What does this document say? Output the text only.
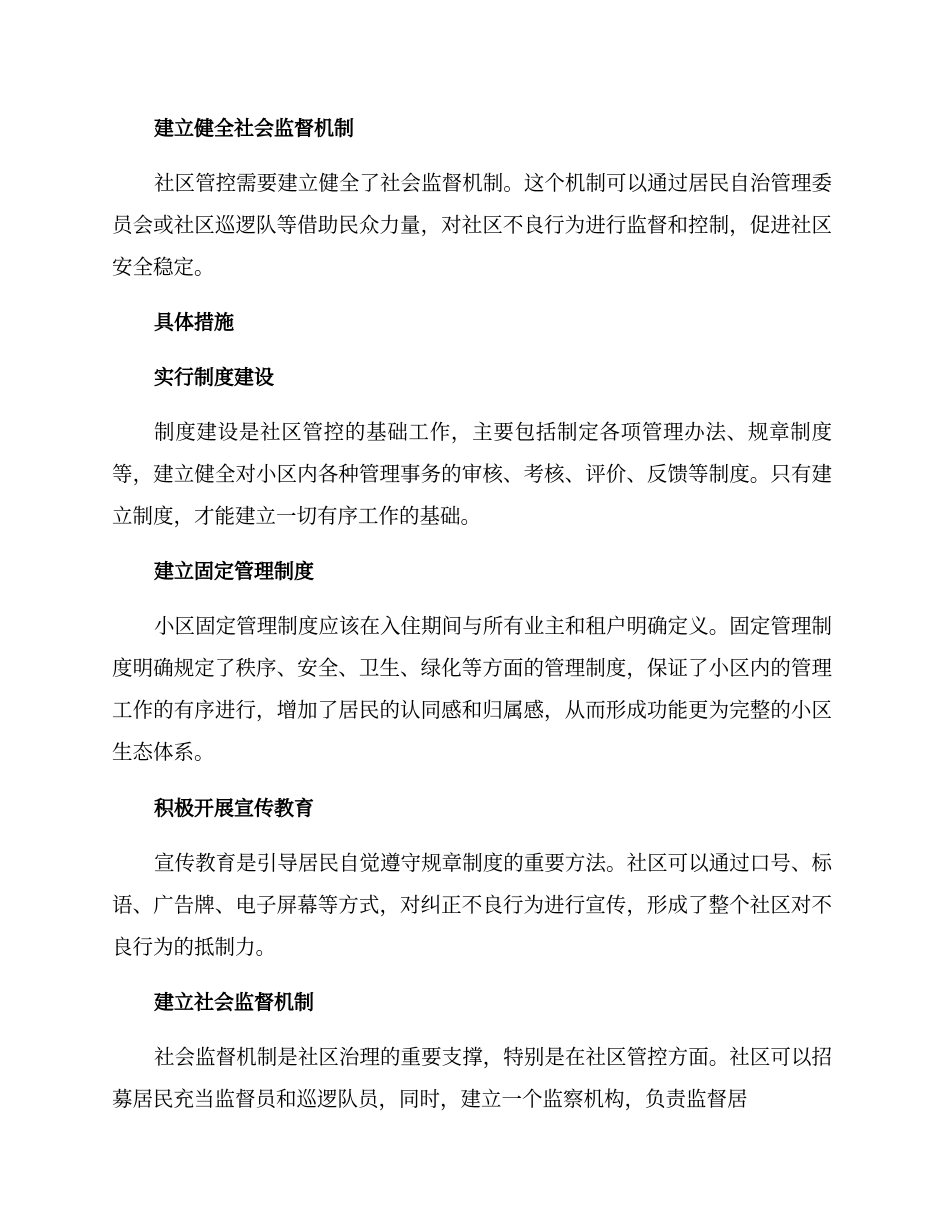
建立健全社会监督机制

社区管控需要建立健全了社会监督机制。这个机制可以通过居民自治管理委员会或社区巡逻队等借助民众力量，对社区不良行为进行监督和控制，促进社区安全稳定。

具体措施
实行制度建设

制度建设是社区管控的基础工作，主要包括制定各项管理办法、规章制度等，建立健全对小区内各种管理事务的审核、考核、评价、反馈等制度。只有建立制度，才能建立一切有序工作的基础。

建立固定管理制度

小区固定管理制度应该在入住期间与所有业主和租户明确定义。固定管理制度明确规定了秩序、安全、卫生、绿化等方面的管理制度，保证了小区内的管理工作的有序进行，增加了居民的认同感和归属感，从而形成功能更为完整的小区生态体系。

积极开展宣传教育

宣传教育是引导居民自觉遵守规章制度的重要方法。社区可以通过口号、标语、广告牌、电子屏幕等方式，对纠正不良行为进行宣传，形成了整个社区对不良行为的抵制力。

建立社会监督机制

社会监督机制是社区治理的重要支撑，特别是在社区管控方面。社区可以招募居民充当监督员和巡逻队员，同时，建立一个监察机构，负责监督居
